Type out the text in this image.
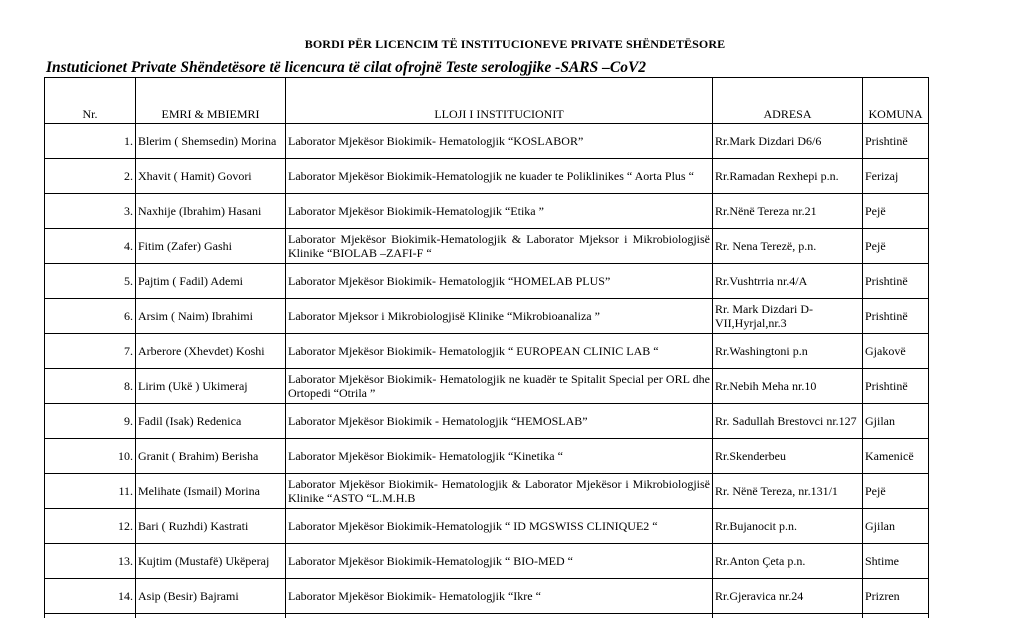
BORDI PËR LICENCIM TË INSTITUCIONEVE PRIVATE SHËNDETËSORE
Instuticionet Private Shëndetësore të licencura të cilat ofrojnë Teste serologjike -SARS –CoV2
Nr.	EMRI & MBIEMRI	LLOJI I INSTITUCIONIT	ADRESA	KOMUNA
1.	Blerim ( Shemsedin) Morina	Laborator Mjekësor Biokimik- Hematologjik “KOSLABOR”	Rr.Mark Dizdari D6/6	Prishtinë
2.	Xhavit ( Hamit) Govori	Laborator Mjekësor Biokimik-Hematologjik ne kuader te Poliklinikes “ Aorta Plus “	Rr.Ramadan Rexhepi p.n.	Ferizaj
3.	Naxhije (Ibrahim) Hasani	Laborator Mjekësor Biokimik-Hematologjik “Etika ”	Rr.Nënë Tereza nr.21	Pejë
4.	Fitim (Zafer) Gashi	Laborator Mjekësor Biokimik-Hematologjik & Laborator Mjeksor i Mikrobiologjisë Klinike “BIOLAB –ZAFI-F “	Rr. Nena Terezë, p.n.	Pejë
5.	Pajtim ( Fadil) Ademi	Laborator Mjekësor Biokimik- Hematologjik “HOMELAB PLUS”	Rr.Vushtrria nr.4/A	Prishtinë
6.	Arsim ( Naim) Ibrahimi	Laborator Mjeksor i Mikrobiologjisë Klinike “Mikrobioanaliza ”	Rr. Mark Dizdari D-VII,Hyrjal,nr.3	Prishtinë
7.	Arberore (Xhevdet) Koshi	Laborator Mjekësor Biokimik- Hematologjik “ EUROPEAN CLINIC LAB “	Rr.Washingtoni p.n	Gjakovë
8.	Lirim (Ukë ) Ukimeraj	Laborator Mjekësor Biokimik- Hematologjik ne kuadër te Spitalit Special per ORL dhe Ortopedi “Otrila ”	Rr.Nebih Meha nr.10	Prishtinë
9.	Fadil (Isak) Redenica	Laborator Mjekësor Biokimik - Hematologjik “HEMOSLAB”	Rr. Sadullah Brestovci nr.127	Gjilan
10.	Granit ( Brahim) Berisha	Laborator Mjekësor Biokimik- Hematologjik “Kinetika “	Rr.Skenderbeu	Kamenicë
11.	Melihate (Ismail) Morina	Laborator Mjekësor Biokimik- Hematologjik & Laborator Mjekësor i Mikrobiologjisë Klinike “ASTO “L.M.H.B	Rr. Nënë Tereza, nr.131/1	Pejë
12.	Bari ( Ruzhdi) Kastrati	Laborator Mjekësor Biokimik-Hematologjik “ ID MGSWISS CLINIQUE2 “	Rr.Bujanocit p.n.	Gjilan
13.	Kujtim (Mustafë) Ukëperaj	Laborator Mjekësor Biokimik-Hematologjik “ BIO-MED “	Rr.Anton Çeta p.n.	Shtime
14.	Asip (Besir) Bajrami	Laborator Mjekësor Biokimik- Hematologjik “Ikre “	Rr.Gjeravica nr.24	Prizren
